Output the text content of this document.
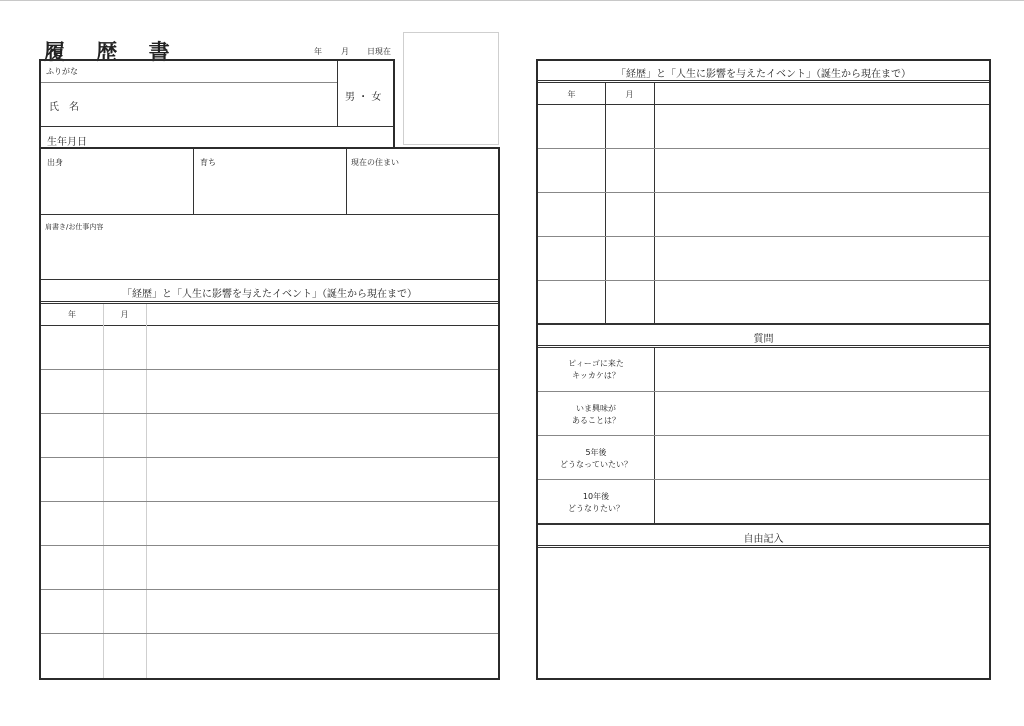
履 歴 書	年 月 日現在
ふりがな
氏　名
男 ・ 女
生年月日
出身	育ち	現在の住まい
肩書き/お仕事内容
「経歴」と「人生に影響を与えたイベント」（誕生から現在まで）
年	月
「経歴」と「人生に影響を与えたイベント」（誕生から現在まで）
年	月
質問
ピィーゴに来た
キッカケは？
いま興味が
あることは？
5年後
どうなっていたい？
10年後
どうなりたい？
自由記入
